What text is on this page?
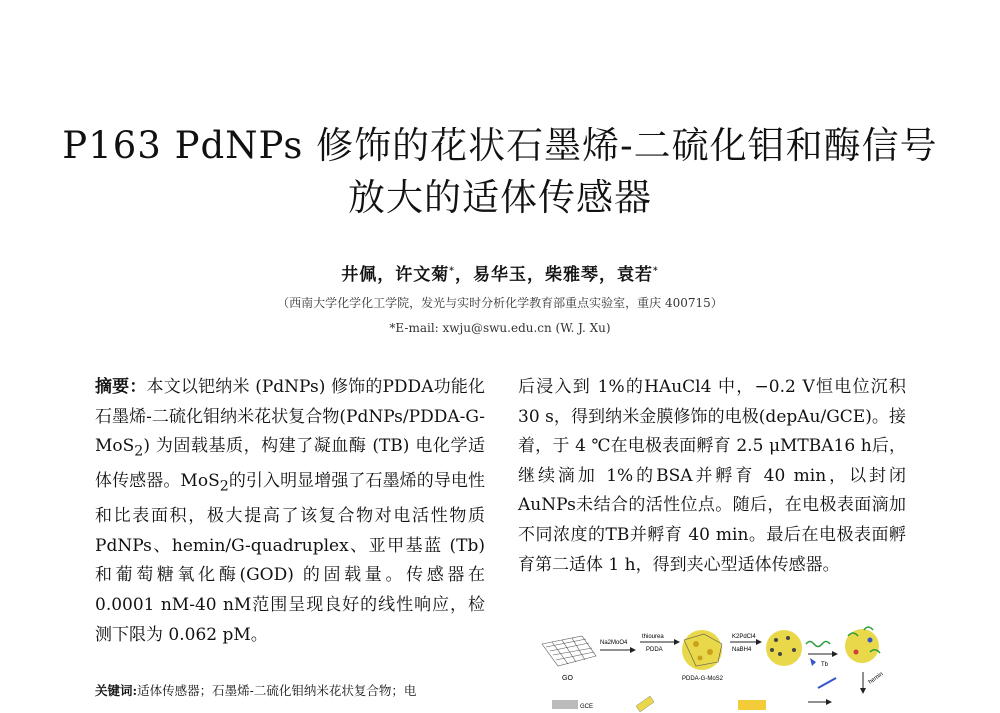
P163 PdNPs 修饰的花状石墨烯-二硫化钼和酶信号
放大的适体传感器
井佩，许文菊*，易华玉，柴雅琴，袁若*
（西南大学化学化工学院，发光与实时分析化学教育部重点实验室，重庆 400715）
*E-mail: xwju@swu.edu.cn (W. J. Xu)

摘要：本文以钯纳米 (PdNPs) 修饰的PDDA功能化石墨烯-二硫化钼纳米花状复合物(PdNPs/PDDA-G-MoS$_2$) 为固载基质，构建了凝血酶 (TB) 电化学适体传感器。MoS$_2$的引入明显增强了石墨烯的导电性和比表面积，极大提高了该复合物对电活性物质PdNPs、hemin/G-quadruplex、亚甲基蓝 (Tb) 和葡萄糖氧化酶(GOD) 的固载量。传感器在 0.0001 nM-40 nM范围呈现良好的线性响应，检测下限为 0.062 pM。

关键词:适体传感器；石墨烯-二硫化钼纳米花状复合物；电

后浸入到 1%的HAuCl4 中，−0.2 V恒电位沉积 30 s，得到纳米金膜修饰的电极(depAu/GCE)。接着，于 4 ℃在电极表面孵育 2.5 μMTBA16 h后，继续滴加 1%的BSA并孵育 40 min，以封闭AuNPs未结合的活性位点。随后，在电极表面滴加不同浓度的TB并孵育 40 min。最后在电极表面孵育第二适体 1 h，得到夹心型适体传感器。

GO
Na2MoO4
thiourea
PDDA
PDDA-G-MoS2
K2PdCl4
NaBH4
Tb
hemin
GCE
